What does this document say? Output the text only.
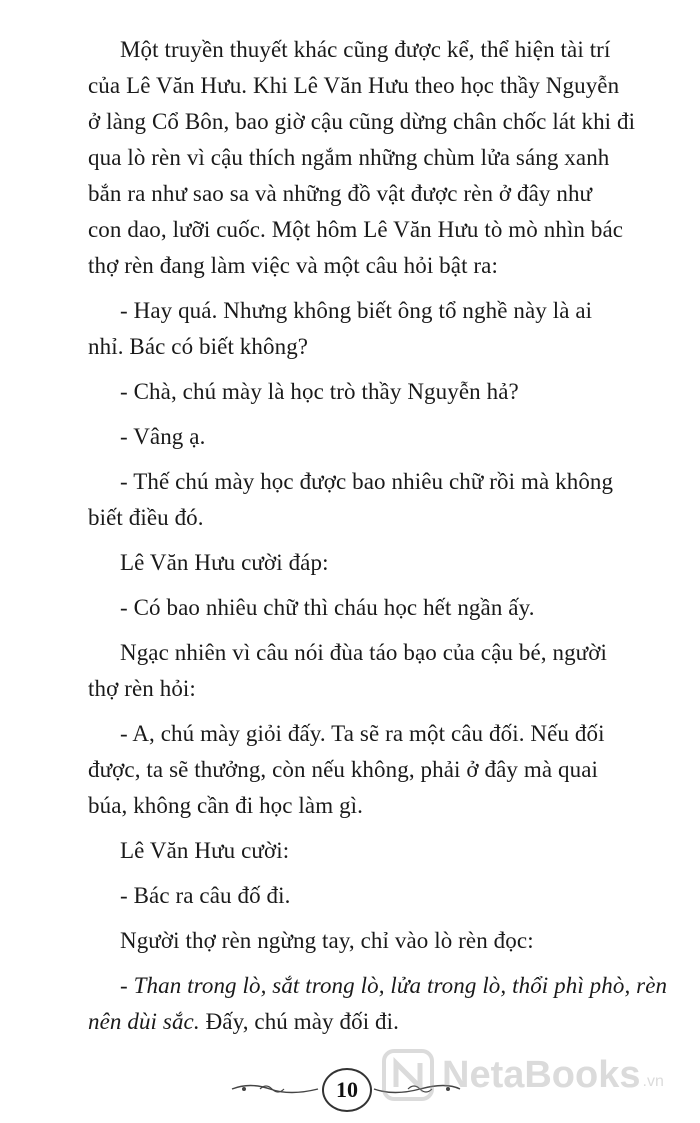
Một truyền thuyết khác cũng được kể, thể hiện tài trí
của Lê Văn Hưu. Khi Lê Văn Hưu theo học thầy Nguyễn
ở làng Cổ Bôn, bao giờ cậu cũng dừng chân chốc lát khi đi
qua lò rèn vì cậu thích ngắm những chùm lửa sáng xanh
bắn ra như sao sa và những đồ vật được rèn ở đây như
con dao, lưỡi cuốc. Một hôm Lê Văn Hưu tò mò nhìn bác
thợ rèn đang làm việc và một câu hỏi bật ra:

- Hay quá. Nhưng không biết ông tổ nghề này là ai
nhỉ. Bác có biết không?

- Chà, chú mày là học trò thầy Nguyễn hả?

- Vâng ạ.

- Thế chú mày học được bao nhiêu chữ rồi mà không
biết điều đó.

Lê Văn Hưu cười đáp:

- Có bao nhiêu chữ thì cháu học hết ngần ấy.

Ngạc nhiên vì câu nói đùa táo bạo của cậu bé, người
thợ rèn hỏi:

- A, chú mày giỏi đấy. Ta sẽ ra một câu đối. Nếu đối
được, ta sẽ thưởng, còn nếu không, phải ở đây mà quai
búa, không cần đi học làm gì.

Lê Văn Hưu cười:

- Bác ra câu đố đi.

Người thợ rèn ngừng tay, chỉ vào lò rèn đọc:

- Than trong lò, sắt trong lò, lửa trong lò, thổi phì phò, rèn
nên dùi sắc. Đấy, chú mày đối đi.

10 NetaBooks .vn
